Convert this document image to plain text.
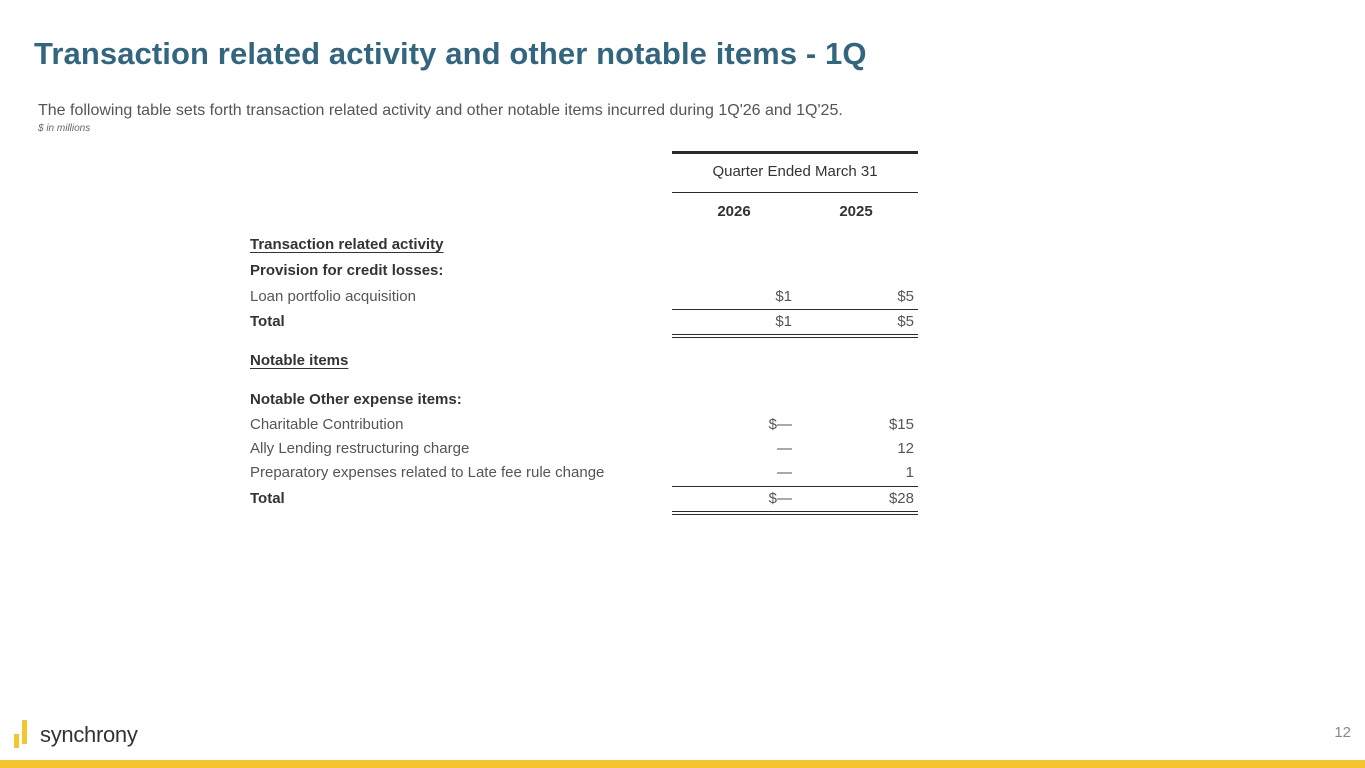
Transaction related activity and other notable items - 1Q
The following table sets forth transaction related activity and other notable items incurred during 1Q'26 and 1Q'25.
$ in millions
Quarter Ended March 31
2026	2025
Transaction related activity
Provision for credit losses:
Loan portfolio acquisition	$1	$5
Total	$1	$5
Notable items
Notable Other expense items:
Charitable Contribution	$—	$15
Ally Lending restructuring charge	—	12
Preparatory expenses related to Late fee rule change	—	1
Total	$—	$28
synchrony	12
